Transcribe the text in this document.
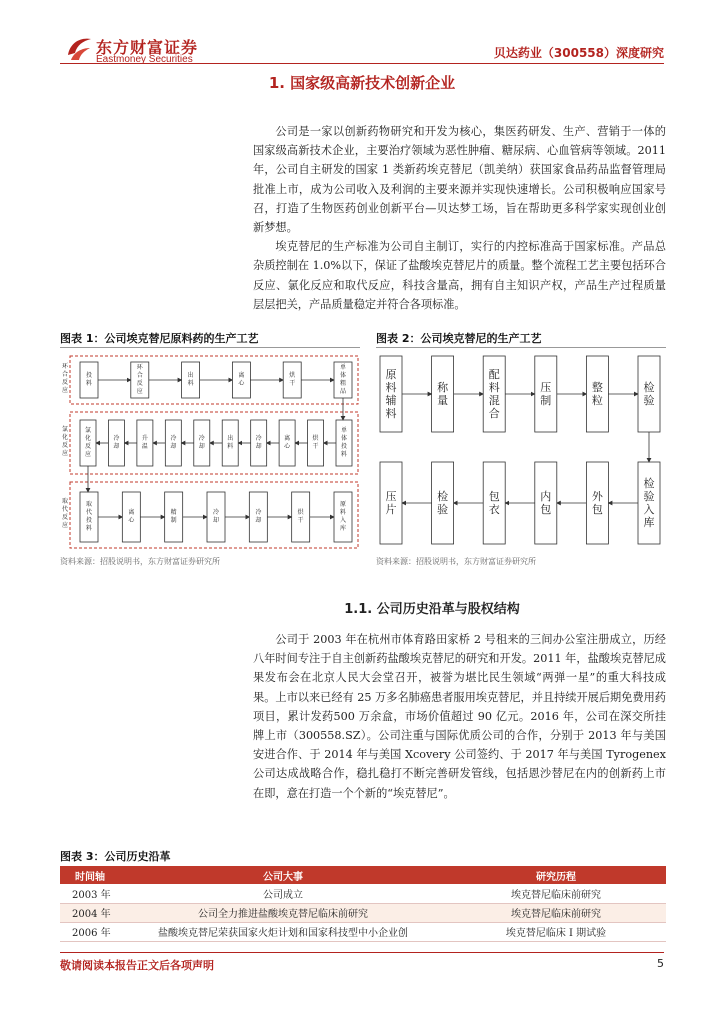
东方财富证券
Eastmoney Securities	贝达药业（300558）深度研究
1. 国家级高新技术创新企业

公司是一家以创新药物研究和开发为核心，集医药研发、生产、营销于一体的国家级高新技术企业，主要治疗领域为恶性肿瘤、糖尿病、心血管病等领域。2011 年，公司自主研发的国家 1 类新药埃克替尼（凯美纳）获国家食品药品监督管理局批准上市，成为公司收入及利润的主要来源并实现快速增长。公司积极响应国家号召，打造了生物医药创业创新平台—贝达梦工场，旨在帮助更多科学家实现创业创新梦想。

埃克替尼的生产标准为公司自主制订，实行的内控标准高于国家标准。产品总杂质控制在 1.0%以下，保证了盐酸埃克替尼片的质量。整个流程工艺主要包括环合反应、氯化反应和取代反应，科技含量高，拥有自主知识产权，产品生产过程质量层层把关，产品质量稳定并符合各项标准。

图表 1：公司埃克替尼原料药的生产工艺
环合反应
氯化反应
取代反应
投料
环合反应
出料
离心
烘干
单体粗品
单体投料
烘干
离心
冷却
出料
冷却
冷却
升温
冷却
氯化反应
取代投料
离心
精制
冷却
冷却
烘干
原料入库
资料来源：招股说明书，东方财富证券研究所
图表 2：公司埃克替尼的生产工艺
原料辅料
称量
配料混合
压制
整粒
检验
检验入库
外包
内包
包衣
检验
压片
资料来源：招股说明书，东方财富证券研究所
1.1. 公司历史沿革与股权结构

公司于 2003 年在杭州市体育路田家桥 2 号租来的三间办公室注册成立，历经八年时间专注于自主创新药盐酸埃克替尼的研究和开发。2011 年，盐酸埃克替尼成果发布会在北京人民大会堂召开，被誉为堪比民生领域“两弹一星”的重大科技成果。上市以来已经有 25 万多名肺癌患者服用埃克替尼，并且持续开展后期免费用药项目，累计发药500 万余盒，市场价值超过 90 亿元。2016 年，公司在深交所挂牌上市（300558.SZ）。公司注重与国际优质公司的合作，分别于 2013 年与美国安进合作、于 2014 年与美国 Xcovery 公司签约、于 2017 年与美国 Tyrogenex 公司达成战略合作，稳扎稳打不断完善研发管线，包括恩沙替尼在内的创新药上市在即，意在打造一个个新的“埃克替尼”。

图表 3：公司历史沿革
时间轴	公司大事	研究历程
2003 年	公司成立	埃克替尼临床前研究
2004 年	公司全力推进盐酸埃克替尼临床前研究	埃克替尼临床前研究
2006 年	盐酸埃克替尼荣获国家火炬计划和国家科技型中小企业创	埃克替尼临床 I 期试验
敬请阅读本报告正文后各项声明	5
